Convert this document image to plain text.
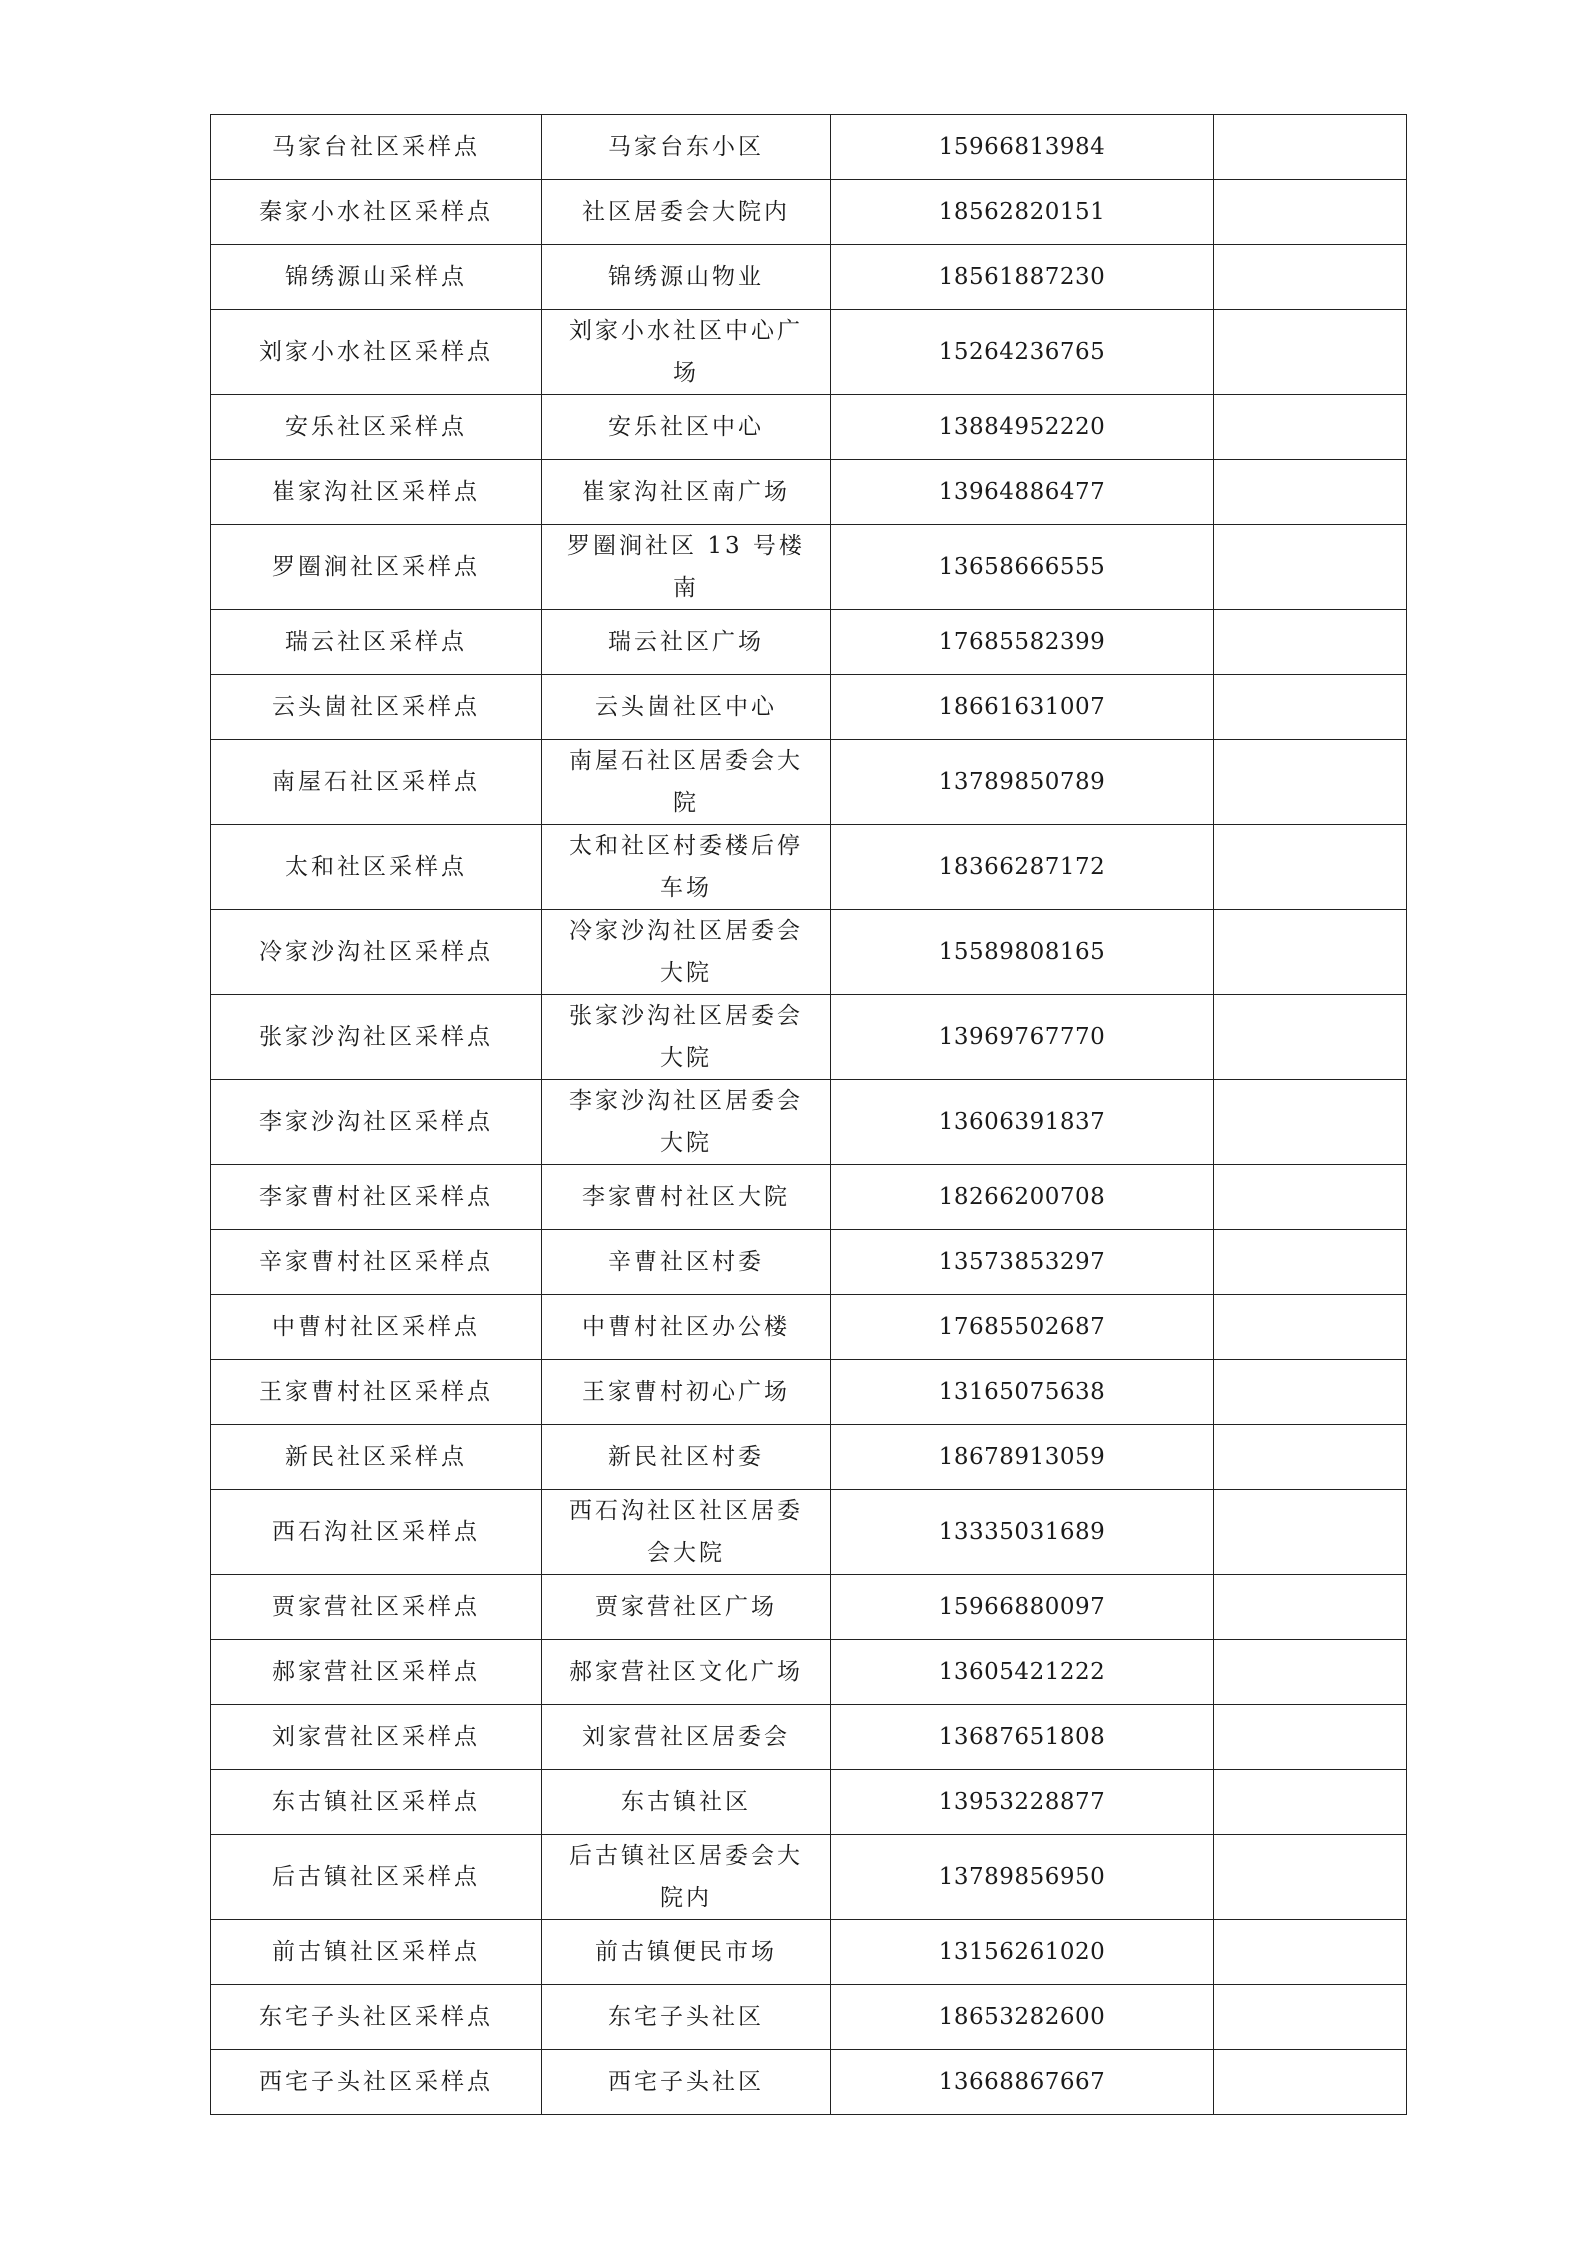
马家台社区采样点	马家台东小区	15966813984	
秦家小水社区采样点	社区居委会大院内	18562820151	
锦绣源山采样点	锦绣源山物业	18561887230	
刘家小水社区采样点	刘家小水社区中心广场	15264236765	
安乐社区采样点	安乐社区中心	13884952220	
崔家沟社区采样点	崔家沟社区南广场	13964886477	
罗圈涧社区采样点	罗圈涧社区 13 号楼南	13658666555	
瑞云社区采样点	瑞云社区广场	17685582399	
云头崮社区采样点	云头崮社区中心	18661631007	
南屋石社区采样点	南屋石社区居委会大院	13789850789	
太和社区采样点	太和社区村委楼后停车场	18366287172	
冷家沙沟社区采样点	冷家沙沟社区居委会大院	15589808165	
张家沙沟社区采样点	张家沙沟社区居委会大院	13969767770	
李家沙沟社区采样点	李家沙沟社区居委会大院	13606391837	
李家曹村社区采样点	李家曹村社区大院	18266200708	
辛家曹村社区采样点	辛曹社区村委	13573853297	
中曹村社区采样点	中曹村社区办公楼	17685502687	
王家曹村社区采样点	王家曹村初心广场	13165075638	
新民社区采样点	新民社区村委	18678913059	
西石沟社区采样点	西石沟社区社区居委会大院	13335031689	
贾家营社区采样点	贾家营社区广场	15966880097	
郝家营社区采样点	郝家营社区文化广场	13605421222	
刘家营社区采样点	刘家营社区居委会	13687651808	
东古镇社区采样点	东古镇社区	13953228877	
后古镇社区采样点	后古镇社区居委会大院内	13789856950	
前古镇社区采样点	前古镇便民市场	13156261020	
东宅子头社区采样点	东宅子头社区	18653282600	
西宅子头社区采样点	西宅子头社区	13668867667	
